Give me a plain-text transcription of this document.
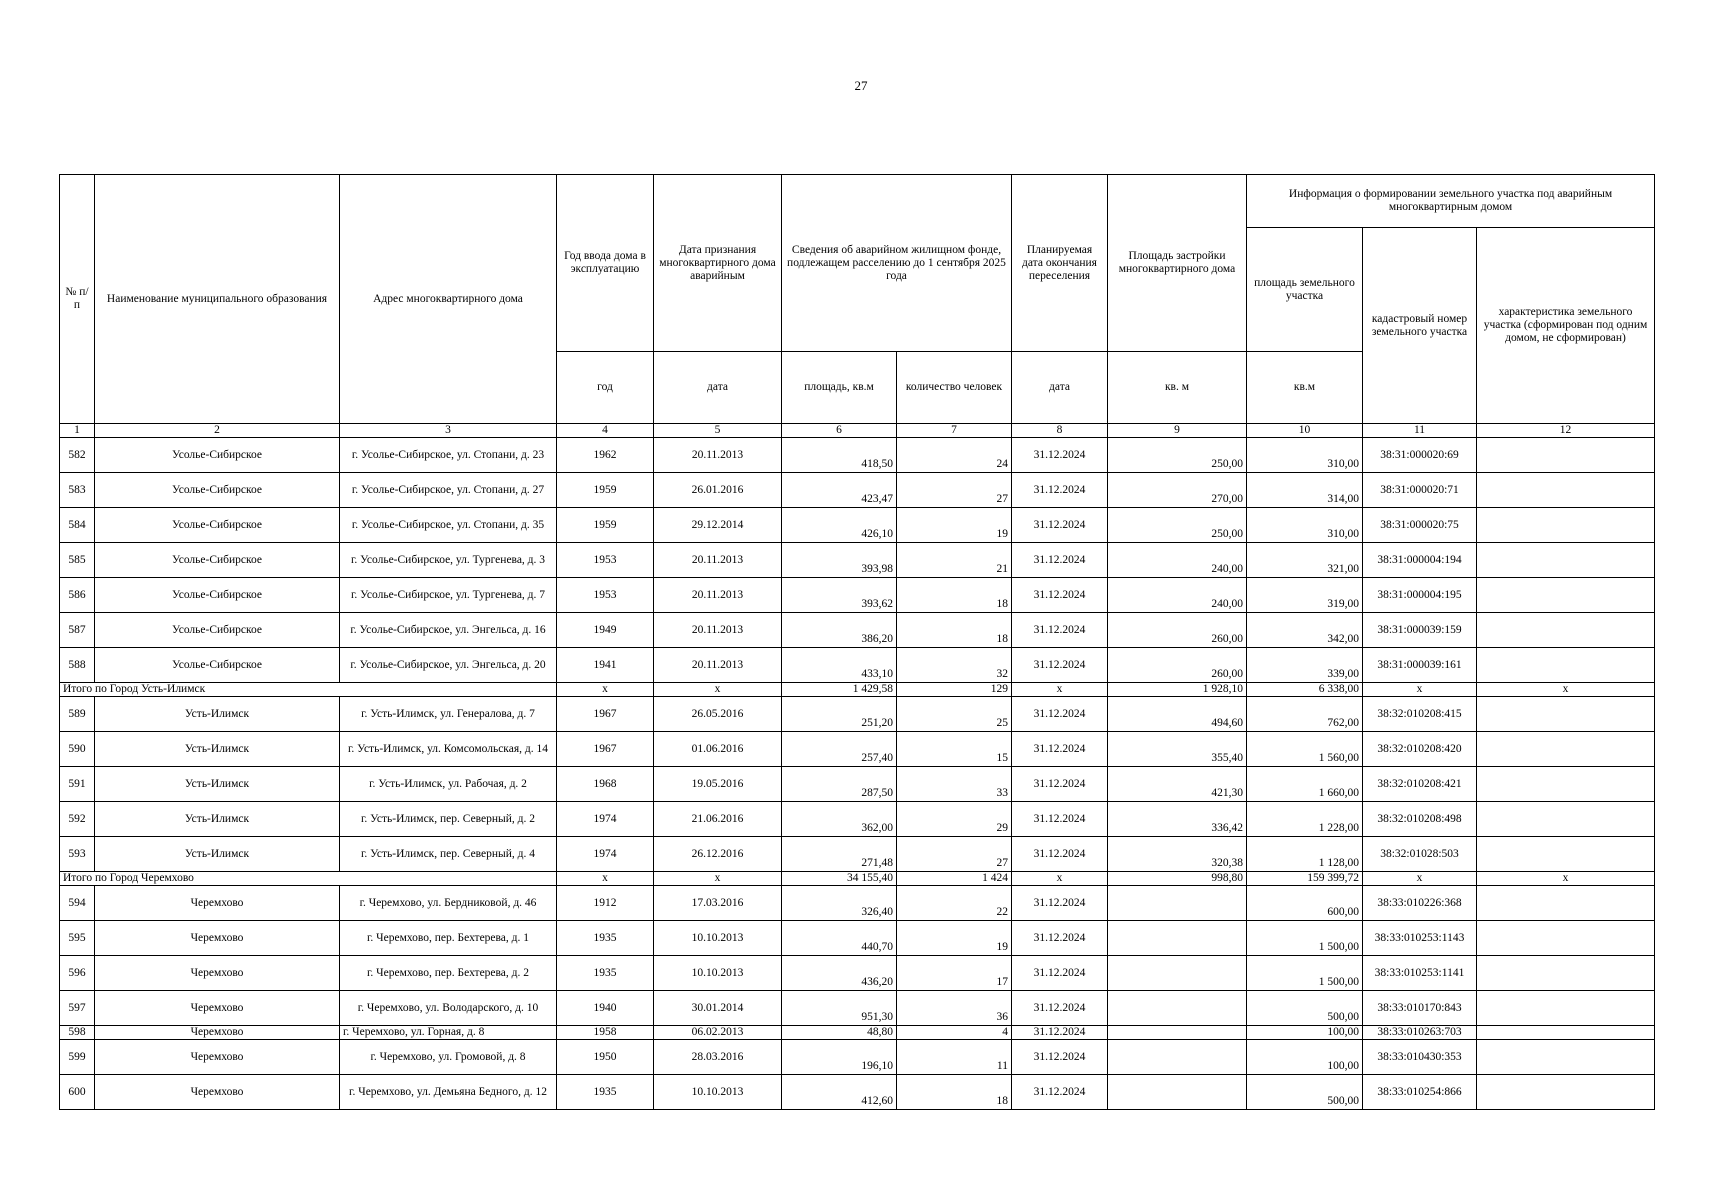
27
№ п/п	Наименование муниципального образования	Адрес многоквартирного дома	Год ввода дома в эксплуатацию	Дата признания многоквартирного дома аварийным	Сведения об аварийном жилищном фонде, подлежащем расселению до 1 сентября 2025 года		Планируемая дата окончания переселения	Площадь застройки многоквартирного дома	Информация о формировании земельного участка под аварийным многоквартирным домом		
									площадь земельного участка	кадастровый номер земельного участка	характеристика земельного участка (сформирован под одним домом, не сформирован)
			год	дата	площадь, кв.м	количество человек	дата	кв. м	кв.м		
1	2	3	4	5	6	7	8	9	10	11	12
582	Усолье-Сибирское	г. Усолье-Сибирское, ул. Стопани, д. 23	1962	20.11.2013	418,50	24	31.12.2024	250,00	310,00	38:31:000020:69	
583	Усолье-Сибирское	г. Усолье-Сибирское, ул. Стопани, д. 27	1959	26.01.2016	423,47	27	31.12.2024	270,00	314,00	38:31:000020:71	
584	Усолье-Сибирское	г. Усолье-Сибирское, ул. Стопани, д. 35	1959	29.12.2014	426,10	19	31.12.2024	250,00	310,00	38:31:000020:75	
585	Усолье-Сибирское	г. Усолье-Сибирское, ул. Тургенева, д. 3	1953	20.11.2013	393,98	21	31.12.2024	240,00	321,00	38:31:000004:194	
586	Усолье-Сибирское	г. Усолье-Сибирское, ул. Тургенева, д. 7	1953	20.11.2013	393,62	18	31.12.2024	240,00	319,00	38:31:000004:195	
587	Усолье-Сибирское	г. Усолье-Сибирское, ул. Энгельса, д. 16	1949	20.11.2013	386,20	18	31.12.2024	260,00	342,00	38:31:000039:159	
588	Усолье-Сибирское	г. Усолье-Сибирское, ул. Энгельса, д. 20	1941	20.11.2013	433,10	32	31.12.2024	260,00	339,00	38:31:000039:161	
Итого по Город Усть-Илимск			x	x	1 429,58	129	x	1 928,10	6 338,00	x	x
589	Усть-Илимск	г. Усть-Илимск, ул. Генералова, д. 7	1967	26.05.2016	251,20	25	31.12.2024	494,60	762,00	38:32:010208:415	
590	Усть-Илимск	г. Усть-Илимск, ул. Комсомольская, д. 14	1967	01.06.2016	257,40	15	31.12.2024	355,40	1 560,00	38:32:010208:420	
591	Усть-Илимск	г. Усть-Илимск, ул. Рабочая, д. 2	1968	19.05.2016	287,50	33	31.12.2024	421,30	1 660,00	38:32:010208:421	
592	Усть-Илимск	г. Усть-Илимск, пер. Северный, д. 2	1974	21.06.2016	362,00	29	31.12.2024	336,42	1 228,00	38:32:010208:498	
593	Усть-Илимск	г. Усть-Илимск, пер. Северный, д. 4	1974	26.12.2016	271,48	27	31.12.2024	320,38	1 128,00	38:32:01028:503	
Итого по Город Черемхово			x	x	34 155,40	1 424	x	998,80	159 399,72	x	x
594	Черемхово	г. Черемхово, ул. Бердниковой, д. 46	1912	17.03.2016	326,40	22	31.12.2024		600,00	38:33:010226:368	
595	Черемхово	г. Черемхово, пер. Бехтерева, д. 1	1935	10.10.2013	440,70	19	31.12.2024		1 500,00	38:33:010253:1143	
596	Черемхово	г. Черемхово, пер. Бехтерева, д. 2	1935	10.10.2013	436,20	17	31.12.2024		1 500,00	38:33:010253:1141	
597	Черемхово	г. Черемхово, ул. Володарского, д. 10	1940	30.01.2014	951,30	36	31.12.2024		500,00	38:33:010170:843	
598	Черемхово	г. Черемхово, ул. Горная, д. 8	1958	06.02.2013	48,80	4	31.12.2024		100,00	38:33:010263:703	
599	Черемхово	г. Черемхово, ул. Громовой, д. 8	1950	28.03.2016	196,10	11	31.12.2024		100,00	38:33:010430:353	
600	Черемхово	г. Черемхово, ул. Демьяна Бедного, д. 12	1935	10.10.2013	412,60	18	31.12.2024		500,00	38:33:010254:866	
